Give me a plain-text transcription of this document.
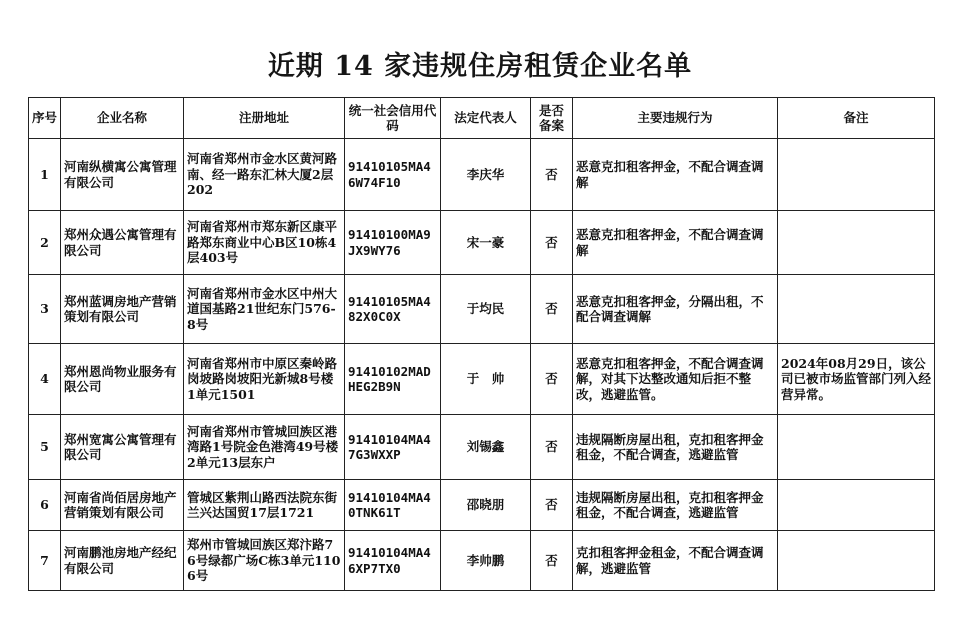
近期 14 家违规住房租赁企业名单
序号	企业名称	注册地址	统一社会信用代码	法定代表人	是否备案	主要违规行为	备注
1	河南纵横寓公寓管理有限公司	河南省郑州市金水区黄河路南、经一路东汇林大厦2层202	91410105MA46W74F10	李庆华	否	恶意克扣租客押金，不配合调查调解	

2	郑州众遇公寓管理有限公司	河南省郑州市郑东新区康平路郑东商业中心B区10栋4层403号	91410100MA9JX9WY76	宋一豪	否	恶意克扣租客押金，不配合调查调解	

3	郑州蓝调房地产营销策划有限公司	河南省郑州市金水区中州大道国基路21世纪东门576-8号	91410105MA482X0C0X	于均民	否	恶意克扣租客押金，分隔出租，不配合调查调解	

4	郑州恩尚物业服务有限公司	河南省郑州市中原区秦岭路岗坡路岗坡阳光新城8号楼1单元1501	91410102MADHEG2B9N	于　帅	否	恶意克扣租客押金，不配合调查调解，对其下达整改通知后拒不整改，逃避监管。	2024年08月29日，该公司已被市场监管部门列入经营异常。

5	郑州宽寓公寓管理有限公司	河南省郑州市管城回族区港湾路1号院金色港湾49号楼2单元13层东户	91410104MA47G3WXXP	刘锡鑫	否	违规隔断房屋出租，克扣租客押金租金，不配合调查，逃避监管	

6	河南省尚佰居房地产营销策划有限公司	管城区紫荆山路西法院东街兰兴达国贸17层1721	91410104MA40TNK61T	邵晓朋	否	违规隔断房屋出租，克扣租客押金租金，不配合调查，逃避监管	

7	河南鹏池房地产经纪有限公司	郑州市管城回族区郑汴路76号绿都广场C栋3单元1106号	91410104MA46XP7TX0	李帅鹏	否	克扣租客押金租金，不配合调查调解，逃避监管	
